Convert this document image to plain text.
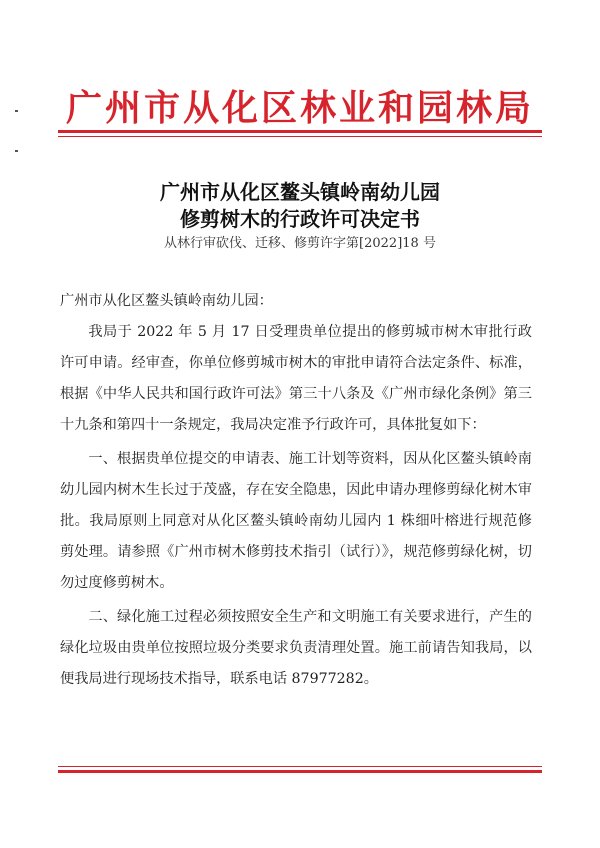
广州市从化区林业和园林局
广州市从化区鳌头镇岭南幼儿园
修剪树木的行政许可决定书
从林行审砍伐、迁移、修剪许字第[2022]18 号

广州市从化区鳌头镇岭南幼儿园：

我局于 2022 年 5 月 17 日受理贵单位提出的修剪城市树木审批行政许可申请。经审查，你单位修剪城市树木的审批申请符合法定条件、标准，根据《中华人民共和国行政许可法》第三十八条及《广州市绿化条例》第三十九条和第四十一条规定，我局决定准予行政许可，具体批复如下：

一、根据贵单位提交的申请表、施工计划等资料，因从化区鳌头镇岭南幼儿园内树木生长过于茂盛，存在安全隐患，因此申请办理修剪绿化树木审批。我局原则上同意对从化区鳌头镇岭南幼儿园内 1 株细叶榕进行规范修剪处理。请参照《广州市树木修剪技术指引（试行）》，规范修剪绿化树，切勿过度修剪树木。

二、绿化施工过程必须按照安全生产和文明施工有关要求进行，产生的绿化垃圾由贵单位按照垃圾分类要求负责清理处置。施工前请告知我局，以便我局进行现场技术指导，联系电话 87977282。
